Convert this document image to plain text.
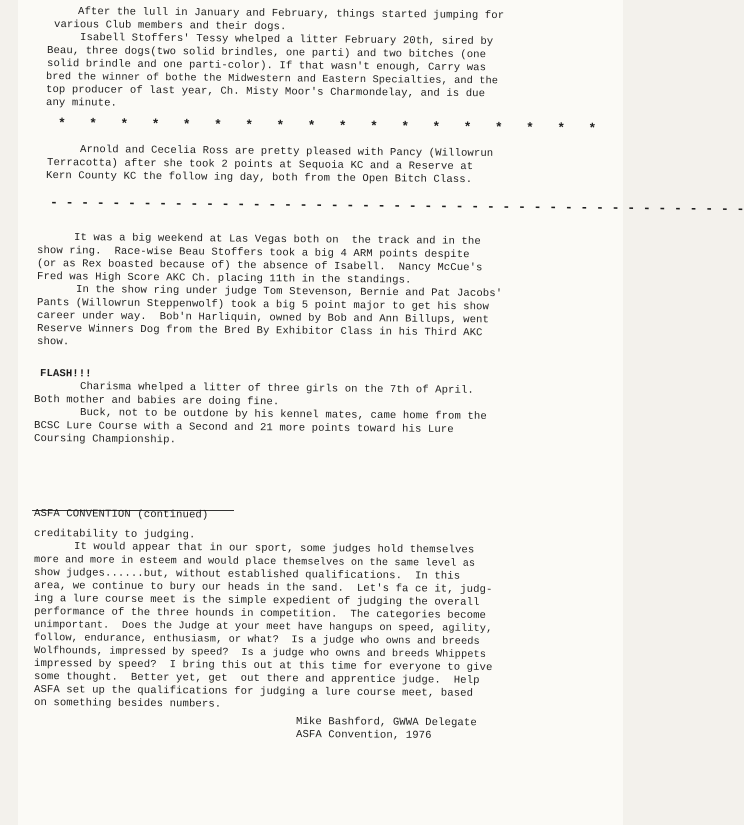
After the lull in January and February, things started jumping for

various Club members and their dogs.

Isabell Stoffers' Tessy whelped a litter February 20th, sired by

Beau, three dogs(two solid brindles, one parti) and two bitches (one

solid brindle and one parti-color). If that wasn't enough, Carry was

bred the winner of bothe the Midwestern and Eastern Specialties, and the

top producer of last year, Ch. Misty Moor's Charmondelay, and is due

any minute.

*   *   *   *   *   *   *   *   *   *   *   *   *   *   *   *   *   *

Arnold and Cecelia Ross are pretty pleased with Pancy (Willowrun

Terracotta) after she took 2 points at Sequoia KC and a Reserve at

Kern County KC the follow ing day, both from the Open Bitch Class.

- - - - - - - - - - - - - - - - - - - - - - - - - - - - - - - - - - - - - - - - - - - - -

It was a big weekend at Las Vegas both on  the track and in the

show ring.  Race-wise Beau Stoffers took a big 4 ARM points despite

(or as Rex boasted because of) the absence of Isabell.  Nancy McCue's

Fred was High Score AKC Ch. placing 11th in the standings.

In the show ring under judge Tom Stevenson, Bernie and Pat Jacobs'

Pants (Willowrun Steppenwolf) took a big 5 point major to get his show

career under way.  Bob'n Harliquin, owned by Bob and Ann Billups, went

Reserve Winners Dog from the Bred By Exhibitor Class in his Third AKC

show.

FLASH!!!

Charisma whelped a litter of three girls on the 7th of April.

Both mother and babies are doing fine.

Buck, not to be outdone by his kennel mates, came home from the

BCSC Lure Course with a Second and 21 more points toward his Lure

Coursing Championship.

ASFA CONVENTION (continued)

creditability to judging.

It would appear that in our sport, some judges hold themselves

more and more in esteem and would place themselves on the same level as

show judges......but, without established qualifications.  In this

area, we continue to bury our heads in the sand.  Let's fa ce it, judg-

ing a lure course meet is the simple expedient of judging the overall

performance of the three hounds in competition.  The categories become

unimportant.  Does the Judge at your meet have hangups on speed, agility,

follow, endurance, enthusiasm, or what?  Is a judge who owns and breeds

Wolfhounds, impressed by speed?  Is a judge who owns and breeds Whippets

impressed by speed?  I bring this out at this time for everyone to give

some thought.  Better yet, get  out there and apprentice judge.  Help

ASFA set up the qualifications for judging a lure course meet, based

on something besides numbers.

Mike Bashford, GWWA Delegate

ASFA Convention, 1976
